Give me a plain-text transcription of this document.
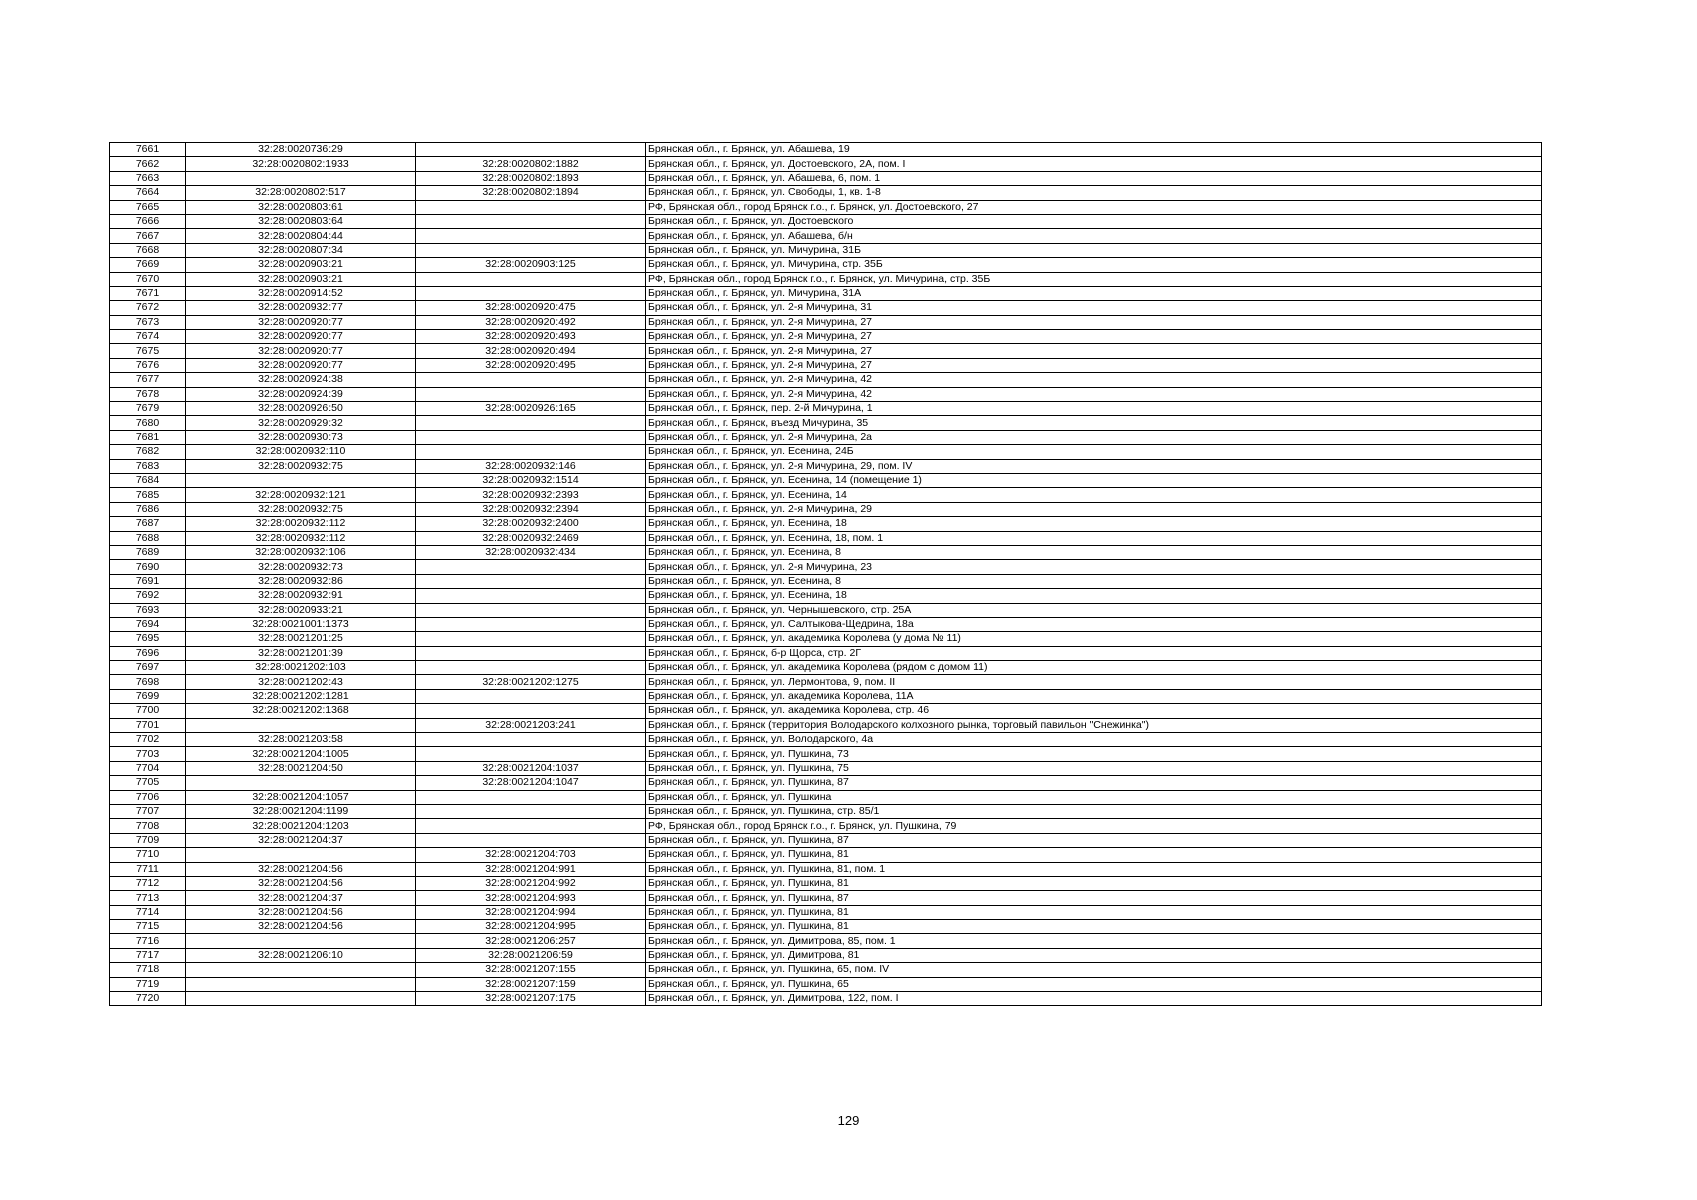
7661	32:28:0020736:29		Брянская обл., г. Брянск, ул. Абашева, 19
7662	32:28:0020802:1933	32:28:0020802:1882	Брянская обл., г. Брянск, ул. Достоевского, 2А, пом. I
7663		32:28:0020802:1893	Брянская обл., г. Брянск, ул. Абашева, 6, пом. 1
7664	32:28:0020802:517	32:28:0020802:1894	Брянская обл., г. Брянск, ул. Свободы, 1, кв. 1-8
7665	32:28:0020803:61		РФ, Брянская обл., город Брянск г.о., г. Брянск, ул. Достоевского, 27
7666	32:28:0020803:64		Брянская обл., г. Брянск, ул. Достоевского
7667	32:28:0020804:44		Брянская обл., г. Брянск, ул. Абашева, б/н
7668	32:28:0020807:34		Брянская обл., г. Брянск, ул. Мичурина, 31Б
7669	32:28:0020903:21	32:28:0020903:125	Брянская обл., г. Брянск, ул. Мичурина, стр. 35Б
7670	32:28:0020903:21		РФ, Брянская обл., город Брянск г.о., г. Брянск, ул. Мичурина, стр. 35Б
7671	32:28:0020914:52		Брянская обл., г. Брянск, ул. Мичурина, 31А
7672	32:28:0020932:77	32:28:0020920:475	Брянская обл., г. Брянск, ул. 2-я Мичурина, 31
7673	32:28:0020920:77	32:28:0020920:492	Брянская обл., г. Брянск, ул. 2-я Мичурина, 27
7674	32:28:0020920:77	32:28:0020920:493	Брянская обл., г. Брянск, ул. 2-я Мичурина, 27
7675	32:28:0020920:77	32:28:0020920:494	Брянская обл., г. Брянск, ул. 2-я Мичурина, 27
7676	32:28:0020920:77	32:28:0020920:495	Брянская обл., г. Брянск, ул. 2-я Мичурина, 27
7677	32:28:0020924:38		Брянская обл., г. Брянск, ул. 2-я Мичурина, 42
7678	32:28:0020924:39		Брянская обл., г. Брянск, ул. 2-я Мичурина, 42
7679	32:28:0020926:50	32:28:0020926:165	Брянская обл., г. Брянск, пер. 2-й Мичурина, 1
7680	32:28:0020929:32		Брянская обл., г. Брянск, въезд Мичурина, 35
7681	32:28:0020930:73		Брянская обл., г. Брянск, ул. 2-я Мичурина, 2а
7682	32:28:0020932:110		Брянская обл., г. Брянск, ул. Есенина, 24Б
7683	32:28:0020932:75	32:28:0020932:146	Брянская обл., г. Брянск, ул. 2-я Мичурина, 29, пом. IV
7684		32:28:0020932:1514	Брянская обл., г. Брянск, ул. Есенина, 14 (помещение 1)
7685	32:28:0020932:121	32:28:0020932:2393	Брянская обл., г. Брянск, ул. Есенина, 14
7686	32:28:0020932:75	32:28:0020932:2394	Брянская обл., г. Брянск, ул. 2-я Мичурина, 29
7687	32:28:0020932:112	32:28:0020932:2400	Брянская обл., г. Брянск, ул. Есенина, 18
7688	32:28:0020932:112	32:28:0020932:2469	Брянская обл., г. Брянск, ул. Есенина, 18, пом. 1
7689	32:28:0020932:106	32:28:0020932:434	Брянская обл., г. Брянск, ул. Есенина, 8
7690	32:28:0020932:73		Брянская обл., г. Брянск, ул. 2-я Мичурина, 23
7691	32:28:0020932:86		Брянская обл., г. Брянск, ул. Есенина, 8
7692	32:28:0020932:91		Брянская обл., г. Брянск, ул. Есенина, 18
7693	32:28:0020933:21		Брянская обл., г. Брянск, ул. Чернышевского, стр. 25А
7694	32:28:0021001:1373		Брянская обл., г. Брянск, ул. Салтыкова-Щедрина, 18а
7695	32:28:0021201:25		Брянская обл., г. Брянск, ул. академика Королева (у дома № 11)
7696	32:28:0021201:39		Брянская обл., г. Брянск, б-р Щорса, стр. 2Г
7697	32:28:0021202:103		Брянская обл., г. Брянск, ул. академика Королева (рядом с домом 11)
7698	32:28:0021202:43	32:28:0021202:1275	Брянская обл., г. Брянск, ул. Лермонтова, 9, пом. II
7699	32:28:0021202:1281		Брянская обл., г. Брянск, ул. академика Королева, 11А
7700	32:28:0021202:1368		Брянская обл., г. Брянск, ул. академика Королева, стр. 46
7701		32:28:0021203:241	Брянская обл., г. Брянск (территория Володарского колхозного рынка, торговый павильон "Снежинка")
7702	32:28:0021203:58		Брянская обл., г. Брянск, ул. Володарского, 4а
7703	32:28:0021204:1005		Брянская обл., г. Брянск, ул. Пушкина, 73
7704	32:28:0021204:50	32:28:0021204:1037	Брянская обл., г. Брянск, ул. Пушкина, 75
7705		32:28:0021204:1047	Брянская обл., г. Брянск, ул. Пушкина, 87
7706	32:28:0021204:1057		Брянская обл., г. Брянск, ул. Пушкина
7707	32:28:0021204:1199		Брянская обл., г. Брянск, ул. Пушкина, стр. 85/1
7708	32:28:0021204:1203		РФ, Брянская обл., город Брянск г.о., г. Брянск, ул. Пушкина, 79
7709	32:28:0021204:37		Брянская обл., г. Брянск, ул. Пушкина, 87
7710		32:28:0021204:703	Брянская обл., г. Брянск, ул. Пушкина, 81
7711	32:28:0021204:56	32:28:0021204:991	Брянская обл., г. Брянск, ул. Пушкина, 81, пом. 1
7712	32:28:0021204:56	32:28:0021204:992	Брянская обл., г. Брянск, ул. Пушкина, 81
7713	32:28:0021204:37	32:28:0021204:993	Брянская обл., г. Брянск, ул. Пушкина, 87
7714	32:28:0021204:56	32:28:0021204:994	Брянская обл., г. Брянск, ул. Пушкина, 81
7715	32:28:0021204:56	32:28:0021204:995	Брянская обл., г. Брянск, ул. Пушкина, 81
7716		32:28:0021206:257	Брянская обл., г. Брянск, ул. Димитрова, 85, пом. 1
7717	32:28:0021206:10	32:28:0021206:59	Брянская обл., г. Брянск, ул. Димитрова, 81
7718		32:28:0021207:155	Брянская обл., г. Брянск, ул. Пушкина, 65, пом. IV
7719		32:28:0021207:159	Брянская обл., г. Брянск, ул. Пушкина, 65
7720		32:28:0021207:175	Брянская обл., г. Брянск, ул. Димитрова, 122, пом. I
129
